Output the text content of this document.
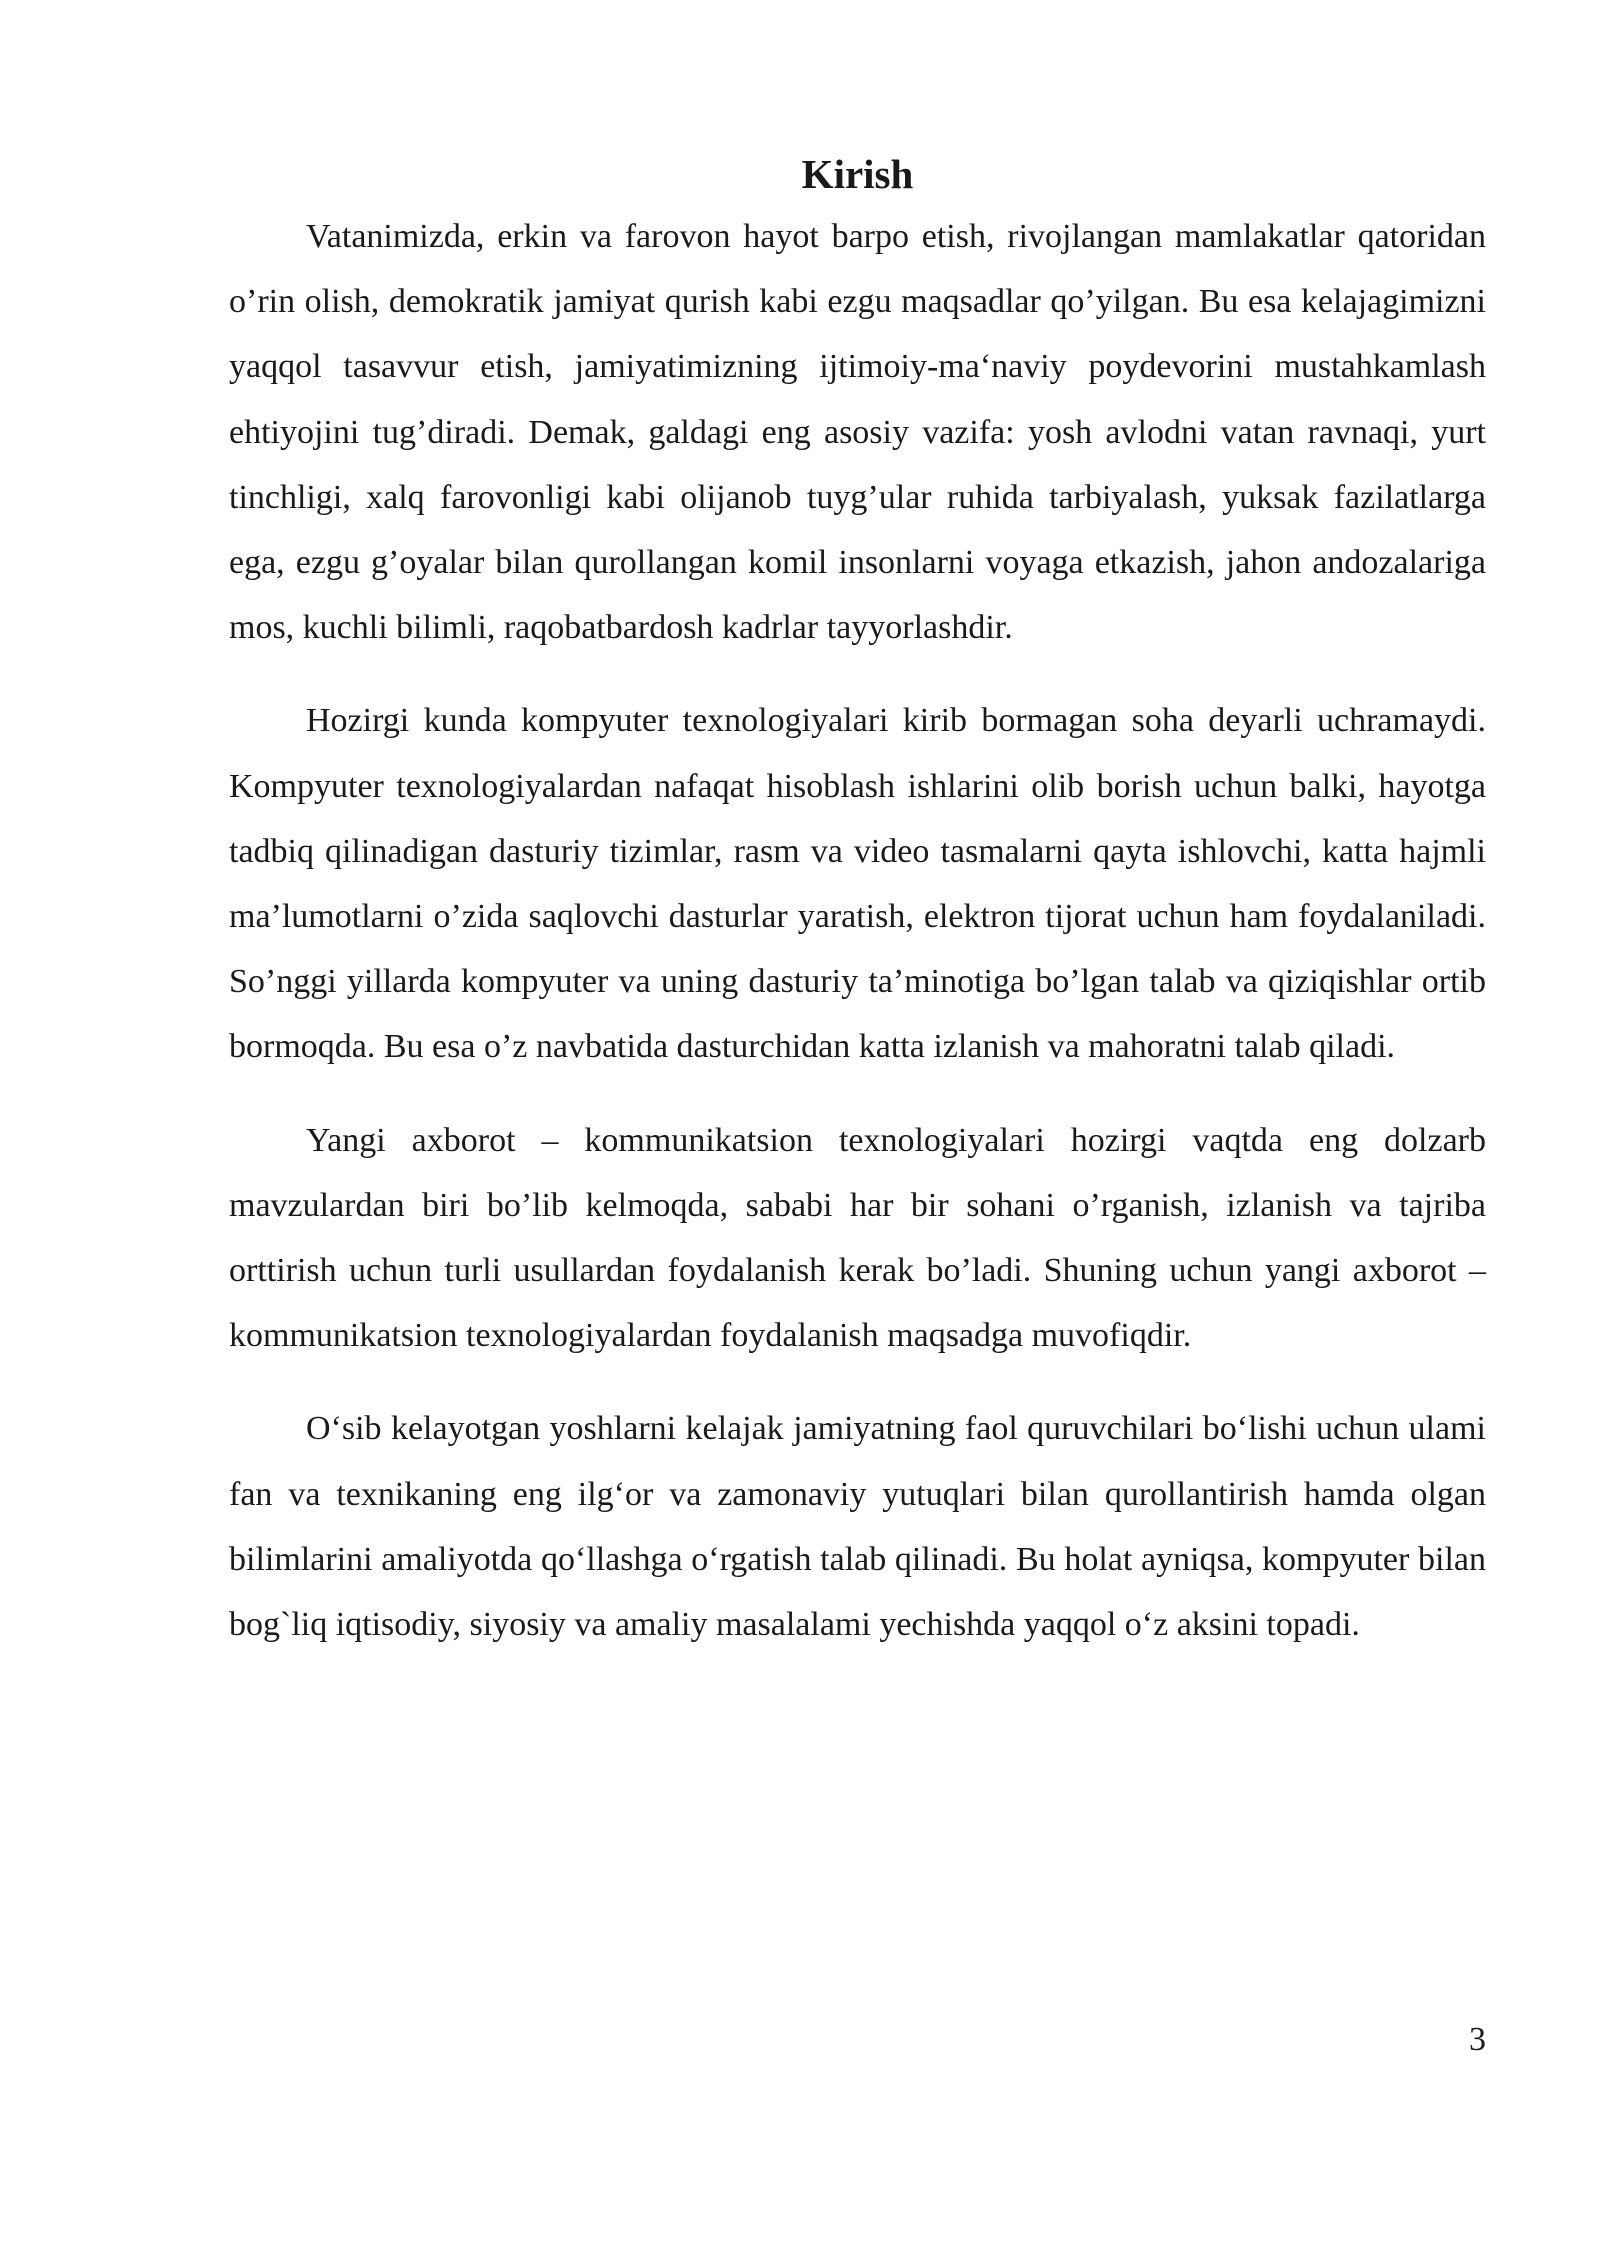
Kirish

Vatanimizda, erkin va farovon hayot barpo etish, rivojlangan mamlakatlar qatoridan o’rin olish, demokratik jamiyat qurish kabi ezgu maqsadlar qo’yilgan. Bu esa kelajagimizni yaqqol tasavvur etish, jamiyatimizning ijtimoiy-ma‘naviy poydevorini mustahkamlash ehtiyojini tug’diradi. Demak, galdagi eng asosiy vazifa: yosh avlodni vatan ravnaqi, yurt tinchligi, xalq farovonligi kabi olijanob tuyg’ular ruhida tarbiyalash, yuksak fazilatlarga ega, ezgu g’oyalar bilan qurollangan komil insonlarni voyaga etkazish, jahon andozalariga mos, kuchli bilimli, raqobatbardosh kadrlar tayyorlashdir.

Hozirgi kunda kompyuter texnologiyalari kirib bormagan soha deyarli uchramaydi. Kompyuter texnologiyalardan nafaqat hisoblash ishlarini olib borish uchun balki, hayotga tadbiq qilinadigan dasturiy tizimlar, rasm va video tasmalarni qayta ishlovchi, katta hajmli ma’lumotlarni o’zida saqlovchi dasturlar yaratish, elektron tijorat uchun ham foydalaniladi. So’nggi yillarda kompyuter va uning dasturiy ta’minotiga bo’lgan talab va qiziqishlar ortib bormoqda. Bu esa o’z navbatida dasturchidan katta izlanish va mahoratni talab qiladi.

Yangi axborot – kommunikatsion texnologiyalari hozirgi vaqtda eng dolzarb mavzulardan biri bo’lib kelmoqda, sababi har bir sohani o’rganish, izlanish va tajriba orttirish uchun turli usullardan foydalanish kerak bo’ladi. Shuning uchun yangi axborot – kommunikatsion texnologiyalardan foydalanish maqsadga muvofiqdir.

O‘sib kelayotgan yoshlarni kelajak jamiyatning faol quruvchilari bo‘lishi uchun ulami fan va texnikaning eng ilg‘or va zamonaviy yutuqlari bilan qurollantirish hamda olgan bilimlarini amaliyotda qo‘llashga o‘rgatish talab qilinadi. Bu holat ayniqsa, kompyuter bilan bog`liq iqtisodiy, siyosiy va amaliy masalalami yechishda yaqqol o‘z aksini topadi.

3
